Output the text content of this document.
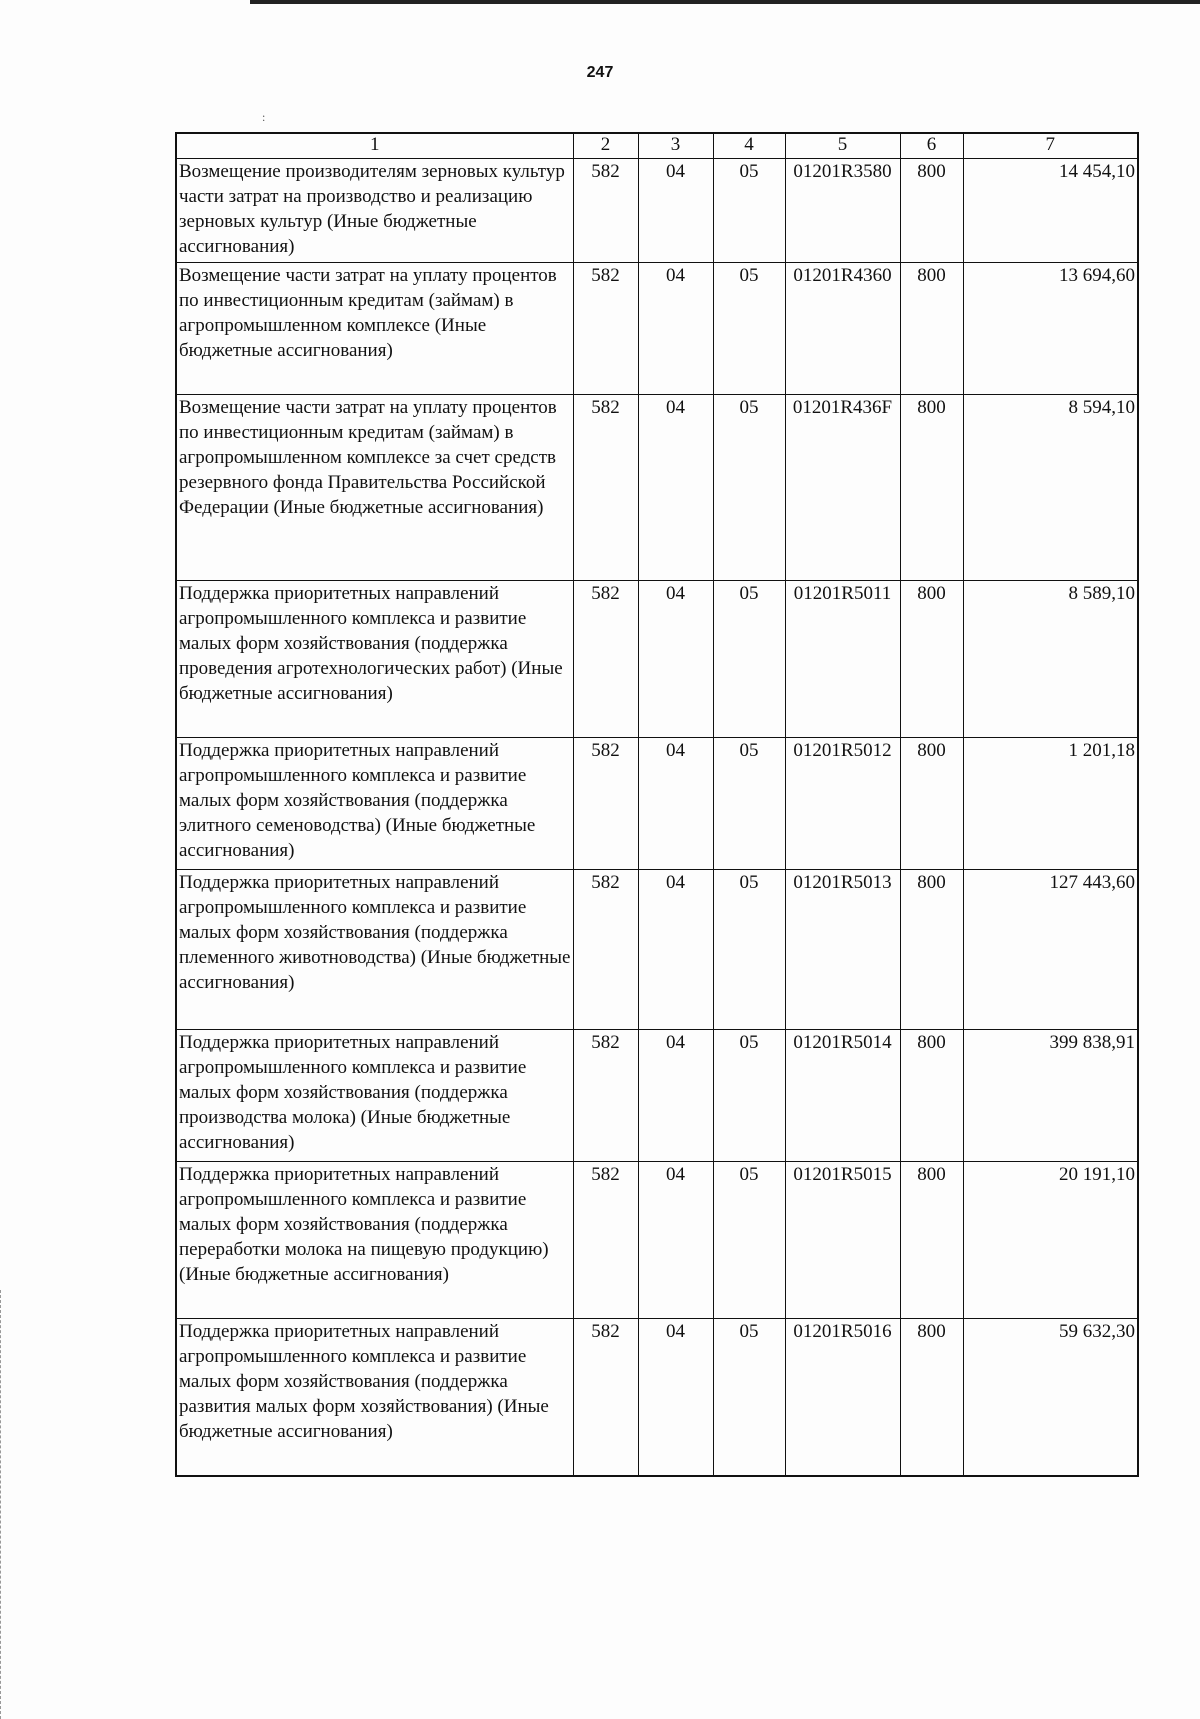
:
247
1	2	3	4	5	6	7
Возмещение производителям зерновых культур части затрат на производство и реализацию зерновых культур (Иные бюджетные ассигнования)	582	04	05	01201R3580	800	14 454,10
Возмещение части затрат на уплату процентов по инвестиционным кредитам (займам) в агропромышленном комплексе (Иные бюджетные ассигнования)	582	04	05	01201R4360	800	13 694,60
Возмещение части затрат на уплату процентов по инвестиционным кредитам (займам) в агропромышленном комплексе за счет средств резервного фонда Правительства Российской Федерации (Иные бюджетные ассигнования)	582	04	05	01201R436F	800	8 594,10
Поддержка приоритетных направлений агропромышленного комплекса и развитие малых форм хозяйствования (поддержка проведения агротехнологических работ) (Иные бюджетные ассигнования)	582	04	05	01201R5011	800	8 589,10
Поддержка приоритетных направлений агропромышленного комплекса и развитие малых форм хозяйствования (поддержка элитного семеноводства) (Иные бюджетные ассигнования)	582	04	05	01201R5012	800	1 201,18
Поддержка приоритетных направлений агропромышленного комплекса и развитие малых форм хозяйствования (поддержка племенного животноводства) (Иные бюджетные ассигнования)	582	04	05	01201R5013	800	127 443,60
Поддержка приоритетных направлений агропромышленного комплекса и развитие малых форм хозяйствования (поддержка производства молока) (Иные бюджетные ассигнования)	582	04	05	01201R5014	800	399 838,91
Поддержка приоритетных направлений агропромышленного комплекса и развитие малых форм хозяйствования (поддержка переработки молока на пищевую продукцию) (Иные бюджетные ассигнования)	582	04	05	01201R5015	800	20 191,10
Поддержка приоритетных направлений агропромышленного комплекса и развитие малых форм хозяйствования (поддержка развития малых форм хозяйствования) (Иные бюджетные ассигнования)	582	04	05	01201R5016	800	59 632,30
